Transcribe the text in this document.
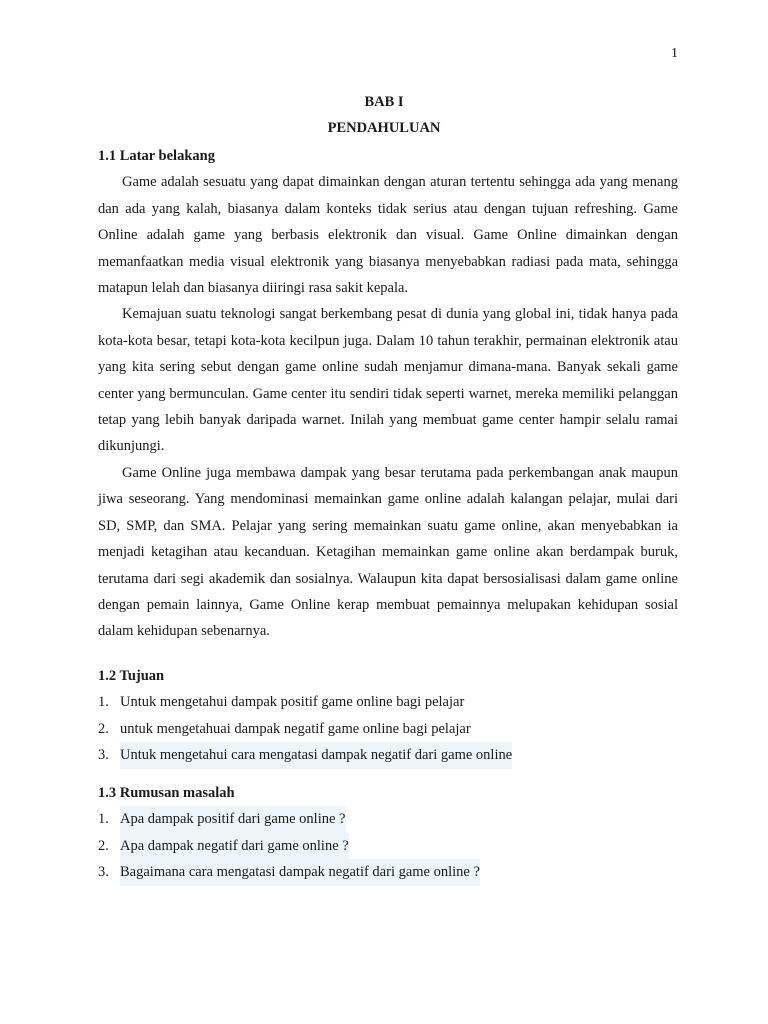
1
BAB I
PENDAHULUAN
1.1 Latar belakang

Game adalah sesuatu yang dapat dimainkan dengan aturan tertentu sehingga ada yang menang dan ada yang kalah, biasanya dalam konteks tidak serius atau dengan tujuan refreshing. Game Online adalah game yang berbasis elektronik dan visual. Game Online dimainkan dengan memanfaatkan media visual elektronik yang biasanya menyebabkan radiasi pada mata, sehingga matapun lelah dan biasanya diiringi rasa sakit kepala.

Kemajuan suatu teknologi sangat berkembang pesat di dunia yang global ini, tidak hanya pada kota-kota besar, tetapi kota-kota kecilpun juga. Dalam 10 tahun terakhir, permainan elektronik atau yang kita sering sebut dengan game online sudah menjamur dimana-mana. Banyak sekali game center yang bermunculan. Game center itu sendiri tidak seperti warnet, mereka memiliki pelanggan tetap yang lebih banyak daripada warnet. Inilah yang membuat game center hampir selalu ramai dikunjungi.

Game Online juga membawa dampak yang besar terutama pada perkembangan anak maupun jiwa seseorang. Yang mendominasi memainkan game online adalah kalangan pelajar, mulai dari SD, SMP, dan SMA. Pelajar yang sering memainkan suatu game online, akan menyebabkan ia menjadi ketagihan atau kecanduan. Ketagihan memainkan game online akan berdampak buruk, terutama dari segi akademik dan sosialnya. Walaupun kita dapat bersosialisasi dalam game online dengan pemain lainnya, Game Online kerap membuat pemainnya melupakan kehidupan sosial dalam kehidupan sebenarnya.

1.2 Tujuan
1. Untuk mengetahui dampak positif game online bagi pelajar
2. untuk mengetahuai dampak negatif game online bagi pelajar
3. Untuk mengetahui cara mengatasi dampak negatif dari game online
1.3 Rumusan masalah
1. Apa dampak positif dari game online ?
2. Apa dampak negatif dari game online ?
3. Bagaimana cara mengatasi dampak negatif dari game online ?
